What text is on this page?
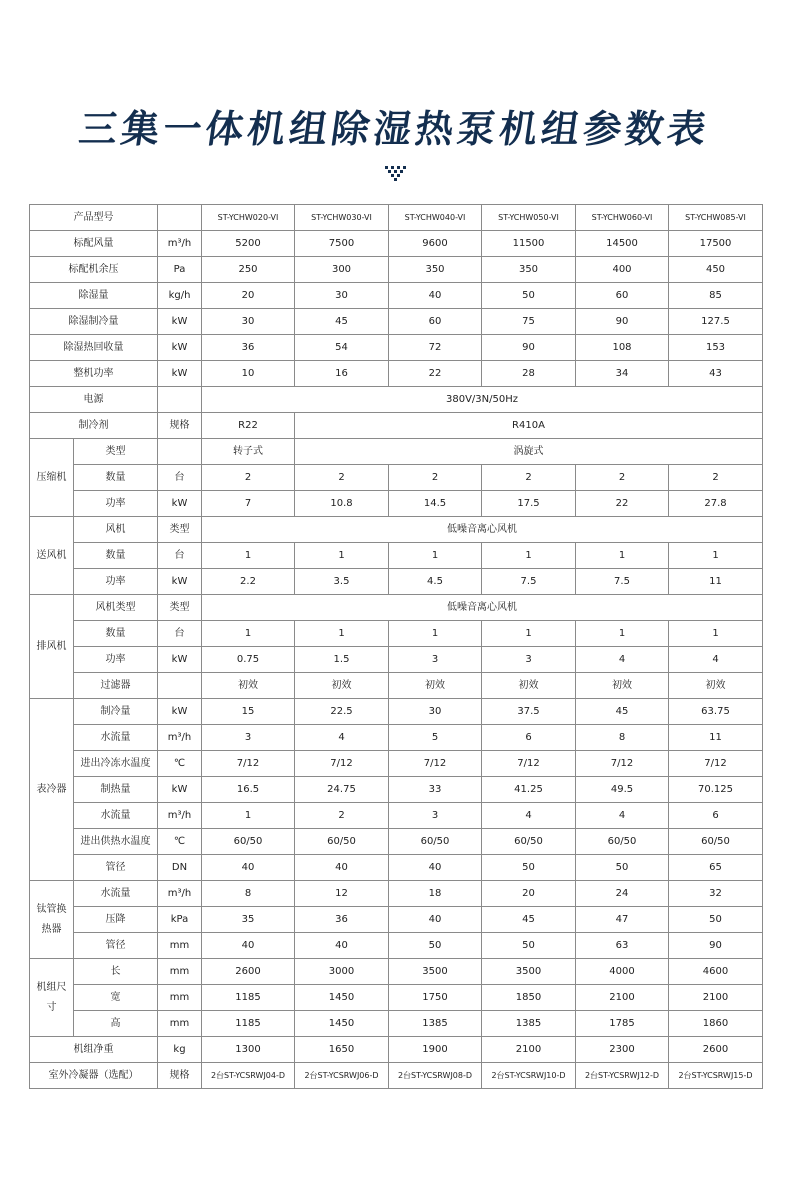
三集一体机组除湿热泵机组参数表
产品型号			ST-YCHW020-VI	ST-YCHW030-VI	ST-YCHW040-VI	ST-YCHW050-VI	ST-YCHW060-VI	ST-YCHW085-VI
标配风量		m³/h	5200	7500	9600	11500	14500	17500
标配机余压		Pa	250	300	350	350	400	450
除湿量		kg/h	20	30	40	50	60	85
除湿制冷量		kW	30	45	60	75	90	127.5
除湿热回收量		kW	36	54	72	90	108	153
整机功率		kW	10	16	22	28	34	43
电源			380V/3N/50Hz					
制冷剂		规格	R22	R410A				
压缩机	类型		转子式	涡旋式				
	数量	台	2	2	2	2	2	2
	功率	kW	7	10.8	14.5	17.5	22	27.8
送风机	风机	类型	低噪音离心风机					
	数量	台	1	1	1	1	1	1
	功率	kW	2.2	3.5	4.5	7.5	7.5	11
排风机	风机类型	类型	低噪音离心风机					
	数量	台	1	1	1	1	1	1
	功率	kW	0.75	1.5	3	3	4	4
	过滤器		初效	初效	初效	初效	初效	初效
表冷器	制冷量	kW	15	22.5	30	37.5	45	63.75
	水流量	m³/h	3	4	5	6	8	11
	进出冷冻水温度	℃	7/12	7/12	7/12	7/12	7/12	7/12
	制热量	kW	16.5	24.75	33	41.25	49.5	70.125
	水流量	m³/h	1	2	3	4	4	6
	进出供热水温度	℃	60/50	60/50	60/50	60/50	60/50	60/50
	管径	DN	40	40	40	50	50	65
钛管换热器	水流量	m³/h	8	12	18	20	24	32
	压降	kPa	35	36	40	45	47	50
	管径	mm	40	40	50	50	63	90
机组尺寸	长	mm	2600	3000	3500	3500	4000	4600
	宽	mm	1185	1450	1750	1850	2100	2100
	高	mm	1185	1450	1385	1385	1785	1860
机组净重		kg	1300	1650	1900	2100	2300	2600
室外冷凝器（选配）		规格	2台ST-YCSRWJ04-D	2台ST-YCSRWJ06-D	2台ST-YCSRWJ08-D	2台ST-YCSRWJ10-D	2台ST-YCSRWJ12-D	2台ST-YCSRWJ15-D
